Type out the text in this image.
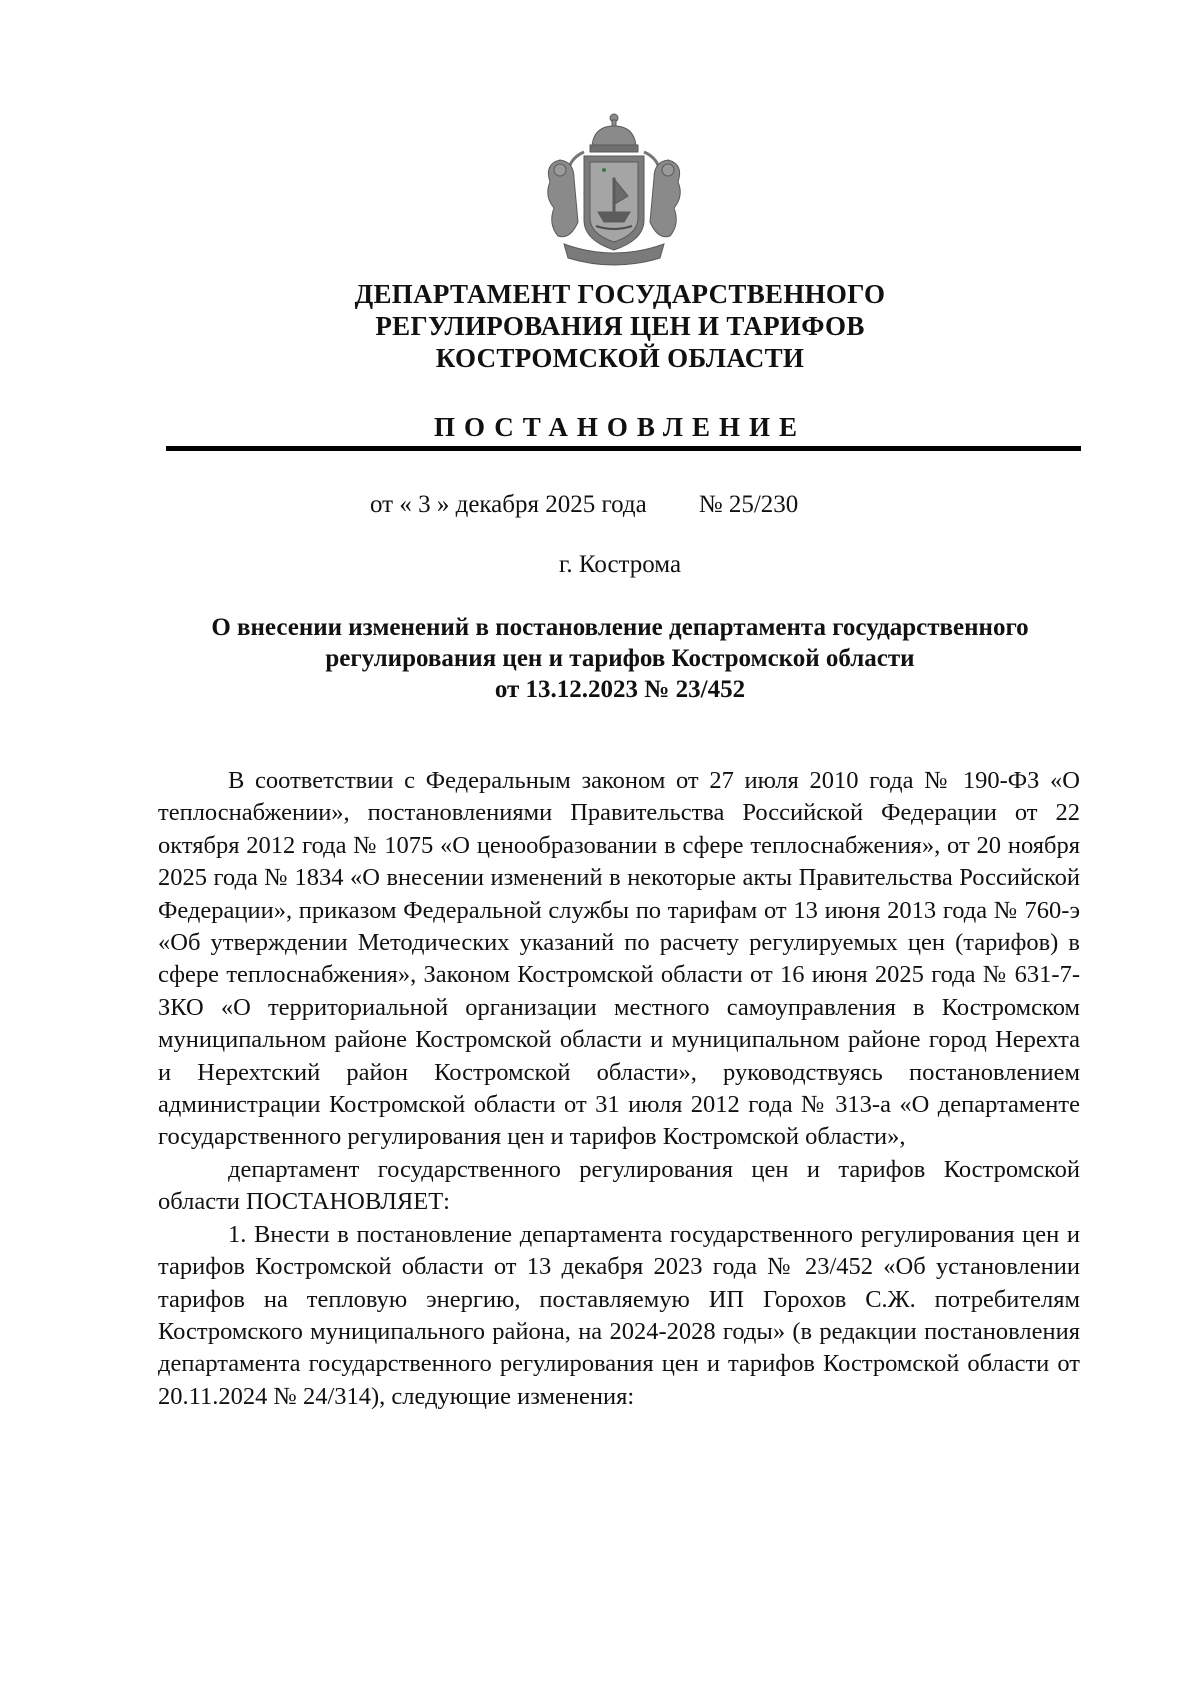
ДЕПАРТАМЕНТ ГОСУДАРСТВЕННОГО
РЕГУЛИРОВАНИЯ ЦЕН И ТАРИФОВ
КОСТРОМСКОЙ ОБЛАСТИ
ПОСТАНОВЛЕНИЕ
от « 3 » декабря 2025 года № 25/230
г. Кострома
О внесении изменений в постановление департамента государственного
регулирования цен и тарифов Костромской области
от 13.12.2023 № 23/452

В соответствии с Федеральным законом от 27 июля 2010 года № 190-ФЗ «О теплоснабжении», постановлениями Правительства Российской Федерации от 22 октября 2012 года № 1075 «О ценообразовании в сфере теплоснабжения», от 20 ноября 2025 года № 1834 «О внесении изменений в некоторые акты Правительства Российской Федерации», приказом Федеральной службы по тарифам от 13 июня 2013 года № 760-э «Об утверждении Методических указаний по расчету регулируемых цен (тарифов) в сфере теплоснабжения», Законом Костромской области от 16 июня 2025 года № 631-7-ЗКО «О территориальной организации местного самоуправления в Костромском муниципальном районе Костромской области и муниципальном районе город Нерехта и Нерехтский район Костромской области», руководствуясь постановлением администрации Костромской области от 31 июля 2012 года № 313-а «О департаменте государственного регулирования цен и тарифов Костромской области»,

департамент государственного регулирования цен и тарифов Костромской области ПОСТАНОВЛЯЕТ:

1. Внести в постановление департамента государственного регулирования цен и тарифов Костромской области от 13 декабря 2023 года № 23/452 «Об установлении тарифов на тепловую энергию, поставляемую ИП Горохов С.Ж. потребителям Костромского муниципального района, на 2024-2028 годы» (в редакции постановления департамента государственного регулирования цен и тарифов Костромской области от 20.11.2024 № 24/314), следующие изменения:
